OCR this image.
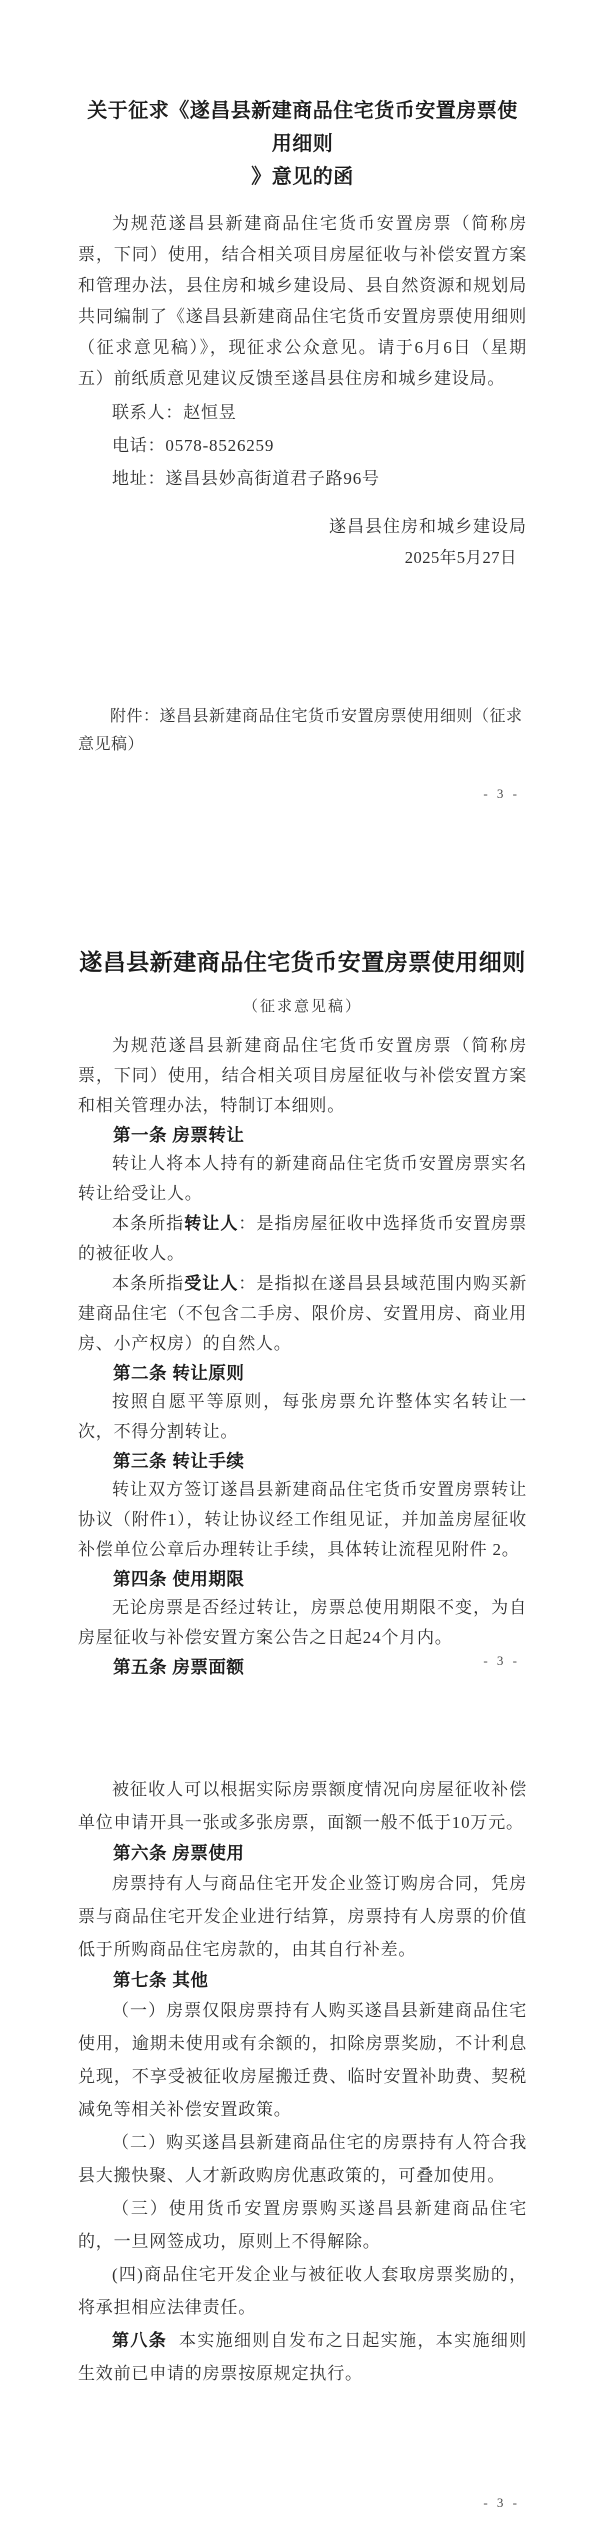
关于征求《遂昌县新建商品住宅货币安置房票使用细则
》意见的函

为规范遂昌县新建商品住宅货币安置房票（简称房票，下同）使用，结合相关项目房屋征收与补偿安置方案和管理办法，县住房和城乡建设局、县自然资源和规划局共同编制了《遂昌县新建商品住宅货币安置房票使用细则（征求意见稿）》，现征求公众意见。请于6月6日（星期五）前纸质意见建议反馈至遂昌县住房和城乡建设局。

联系人：赵恒昱

电话：0578-8526259

地址：遂昌县妙高街道君子路96号

遂昌县住房和城乡建设局

2025年5月27日

附件：遂昌县新建商品住宅货币安置房票使用细则（征求意见稿）

- 3 -
遂昌县新建商品住宅货币安置房票使用细则
（征求意见稿）

为规范遂昌县新建商品住宅货币安置房票（简称房票，下同）使用，结合相关项目房屋征收与补偿安置方案和相关管理办法，特制订本细则。

第一条 房票转让

转让人将本人持有的新建商品住宅货币安置房票实名转让给受让人。

本条所指转让人：是指房屋征收中选择货币安置房票的被征收人。

本条所指受让人：是指拟在遂昌县县域范围内购买新建商品住宅（不包含二手房、限价房、安置用房、商业用房、小产权房）的自然人。

第二条 转让原则

按照自愿平等原则，每张房票允许整体实名转让一次，不得分割转让。

第三条 转让手续

转让双方签订遂昌县新建商品住宅货币安置房票转让协议（附件1），转让协议经工作组见证，并加盖房屋征收补偿单位公章后办理转让手续，具体转让流程见附件 2。

第四条 使用期限

无论房票是否经过转让，房票总使用期限不变，为自房屋征收与补偿安置方案公告之日起24个月内。

第五条 房票面额	- 3 -

被征收人可以根据实际房票额度情况向房屋征收补偿单位申请开具一张或多张房票，面额一般不低于10万元。

第六条 房票使用

房票持有人与商品住宅开发企业签订购房合同，凭房票与商品住宅开发企业进行结算，房票持有人房票的价值低于所购商品住宅房款的，由其自行补差。

第七条 其他

（一）房票仅限房票持有人购买遂昌县新建商品住宅使用，逾期未使用或有余额的，扣除房票奖励，不计利息兑现，不享受被征收房屋搬迁费、临时安置补助费、契税减免等相关补偿安置政策。

（二）购买遂昌县新建商品住宅的房票持有人符合我县大搬快聚、人才新政购房优惠政策的，可叠加使用。

（三）使用货币安置房票购买遂昌县新建商品住宅的，一旦网签成功，原则上不得解除。

(四)商品住宅开发企业与被征收人套取房票奖励的，将承担相应法律责任。

第八条 本实施细则自发布之日起实施，本实施细则生效前已申请的房票按原规定执行。

- 3 -
